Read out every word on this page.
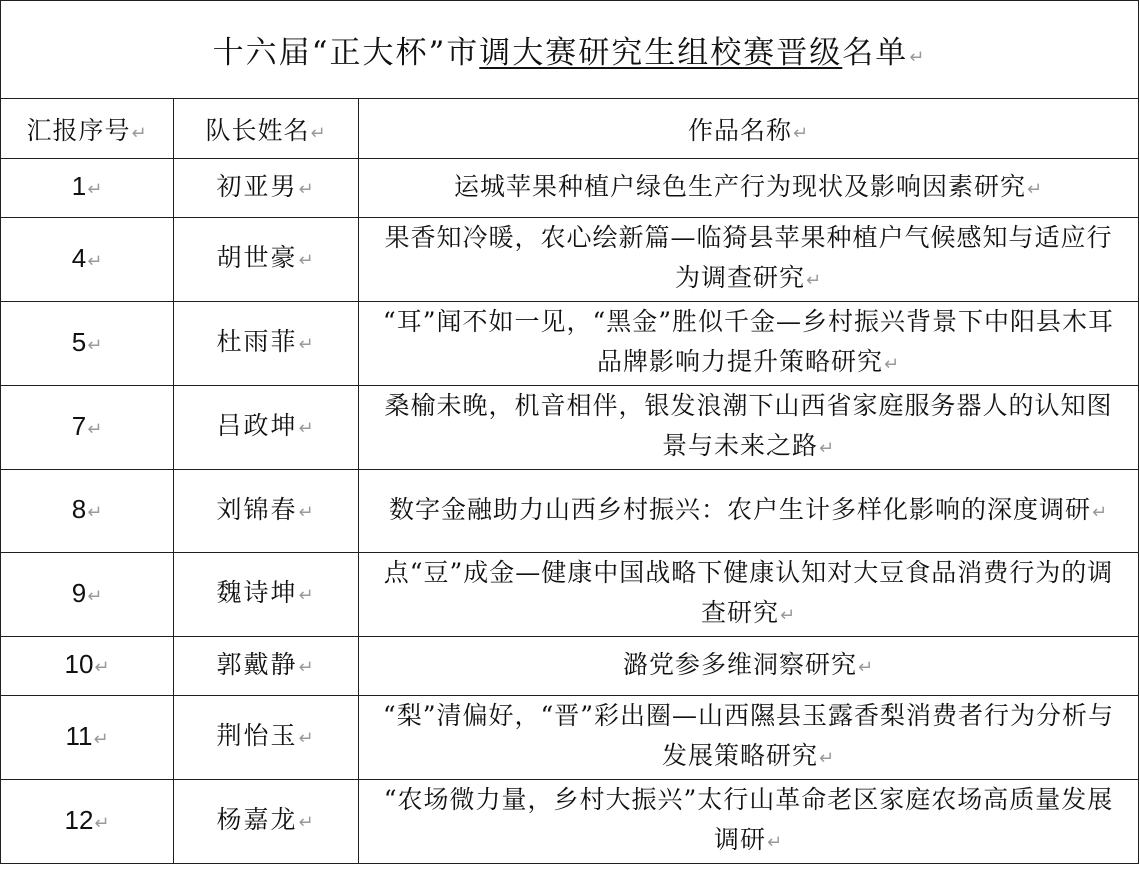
十六届“正大杯”市调大赛研究生组校赛晋级名单↵		
汇报序号↵	队长姓名↵	作品名称↵
1↵	初亚男↵	运城苹果种植户绿色生产行为现状及影响因素研究↵
4↵	胡世豪↵	果香知冷暖，农心绘新篇—临猗县苹果种植户气候感知与适应行为调查研究↵
5↵	杜雨菲↵	“耳”闻不如一见，“黑金”胜似千金—乡村振兴背景下中阳县木耳品牌影响力提升策略研究↵
7↵	吕政坤↵	桑榆未晚，机音相伴，银发浪潮下山西省家庭服务器人的认知图景与未来之路↵
8↵	刘锦春↵	数字金融助力山西乡村振兴：农户生计多样化影响的深度调研↵
9↵	魏诗坤↵	点“豆”成金—健康中国战略下健康认知对大豆食品消费行为的调查研究↵
10↵	郭戴静↵	潞党参多维洞察研究↵
11↵	荆怡玉↵	“梨”清偏好，“晋”彩出圈—山西隰县玉露香梨消费者行为分析与发展策略研究↵
12↵	杨嘉龙↵	“农场微力量，乡村大振兴”太行山革命老区家庭农场高质量发展调研↵
